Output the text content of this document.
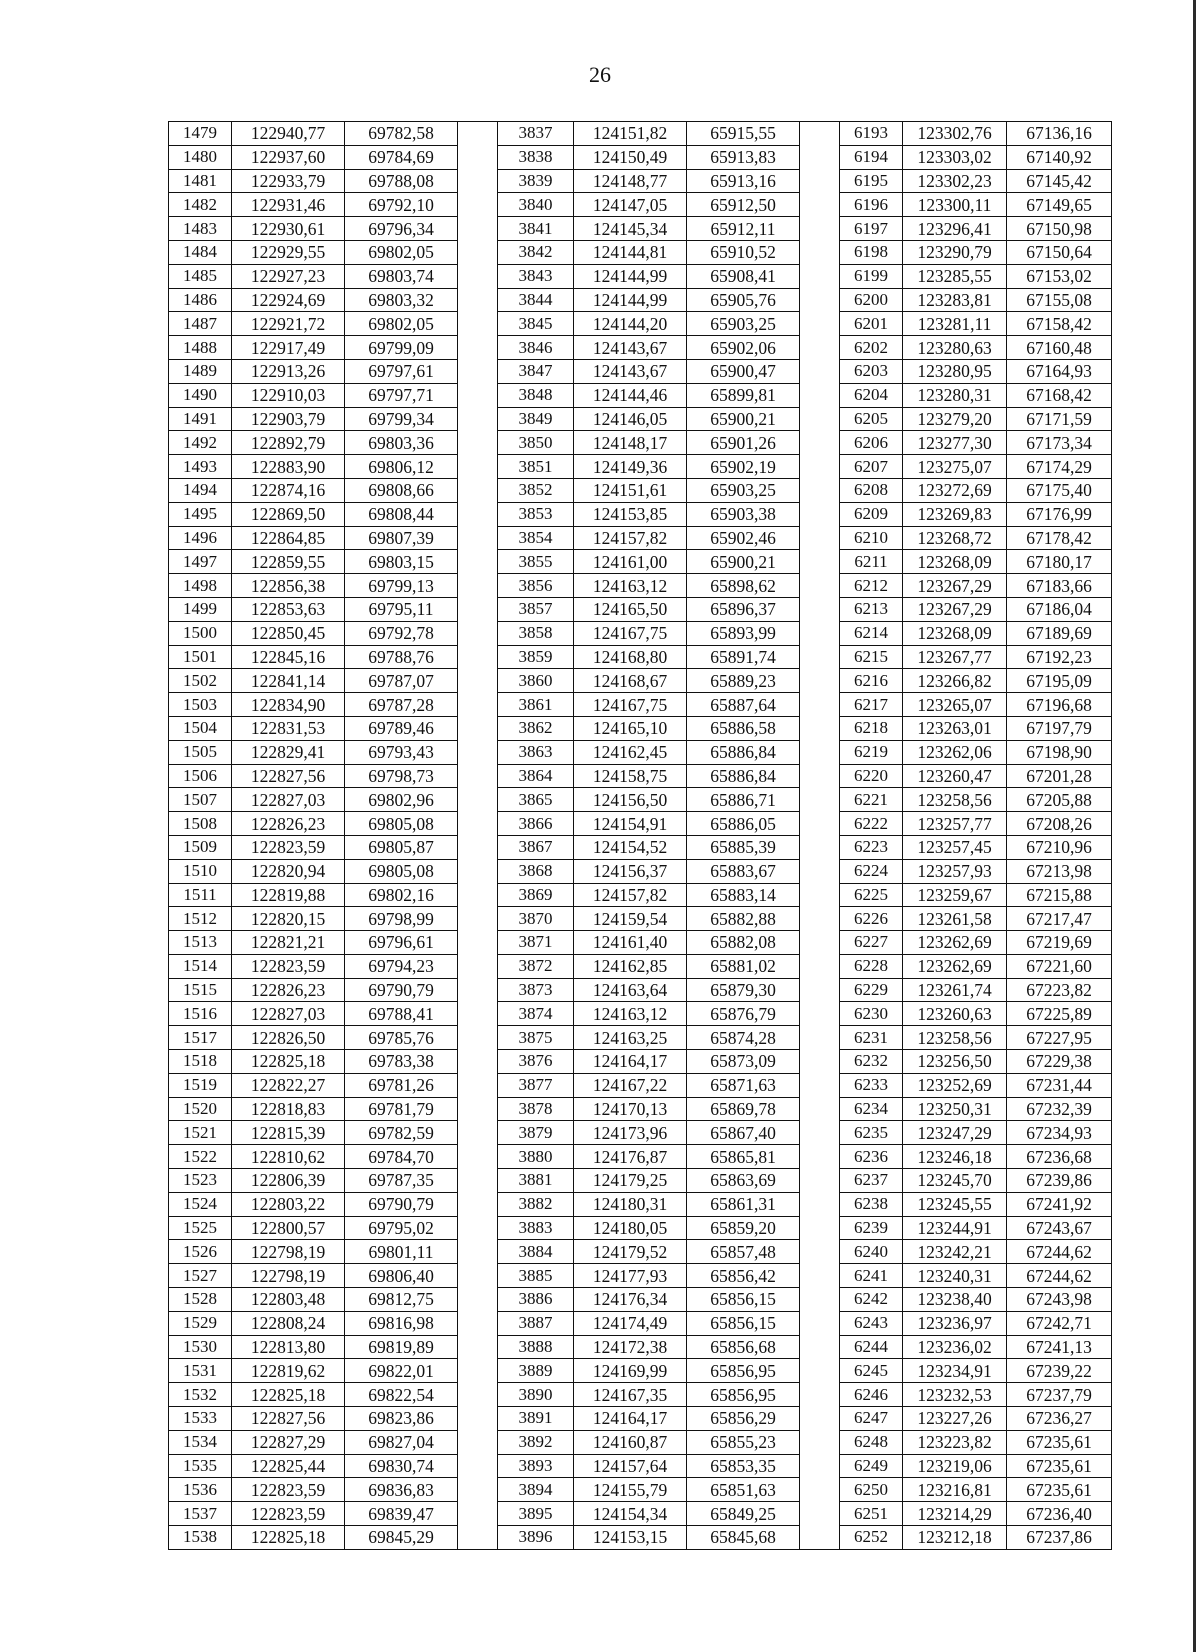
26
1479	122940,77	69782,58		3837	124151,82	65915,55		6193	123302,76	67136,16
1480	122937,60	69784,69		3838	124150,49	65913,83		6194	123303,02	67140,92
1481	122933,79	69788,08		3839	124148,77	65913,16		6195	123302,23	67145,42
1482	122931,46	69792,10		3840	124147,05	65912,50		6196	123300,11	67149,65
1483	122930,61	69796,34		3841	124145,34	65912,11		6197	123296,41	67150,98
1484	122929,55	69802,05		3842	124144,81	65910,52		6198	123290,79	67150,64
1485	122927,23	69803,74		3843	124144,99	65908,41		6199	123285,55	67153,02
1486	122924,69	69803,32		3844	124144,99	65905,76		6200	123283,81	67155,08
1487	122921,72	69802,05		3845	124144,20	65903,25		6201	123281,11	67158,42
1488	122917,49	69799,09		3846	124143,67	65902,06		6202	123280,63	67160,48
1489	122913,26	69797,61		3847	124143,67	65900,47		6203	123280,95	67164,93
1490	122910,03	69797,71		3848	124144,46	65899,81		6204	123280,31	67168,42
1491	122903,79	69799,34		3849	124146,05	65900,21		6205	123279,20	67171,59
1492	122892,79	69803,36		3850	124148,17	65901,26		6206	123277,30	67173,34
1493	122883,90	69806,12		3851	124149,36	65902,19		6207	123275,07	67174,29
1494	122874,16	69808,66		3852	124151,61	65903,25		6208	123272,69	67175,40
1495	122869,50	69808,44		3853	124153,85	65903,38		6209	123269,83	67176,99
1496	122864,85	69807,39		3854	124157,82	65902,46		6210	123268,72	67178,42
1497	122859,55	69803,15		3855	124161,00	65900,21		6211	123268,09	67180,17
1498	122856,38	69799,13		3856	124163,12	65898,62		6212	123267,29	67183,66
1499	122853,63	69795,11		3857	124165,50	65896,37		6213	123267,29	67186,04
1500	122850,45	69792,78		3858	124167,75	65893,99		6214	123268,09	67189,69
1501	122845,16	69788,76		3859	124168,80	65891,74		6215	123267,77	67192,23
1502	122841,14	69787,07		3860	124168,67	65889,23		6216	123266,82	67195,09
1503	122834,90	69787,28		3861	124167,75	65887,64		6217	123265,07	67196,68
1504	122831,53	69789,46		3862	124165,10	65886,58		6218	123263,01	67197,79
1505	122829,41	69793,43		3863	124162,45	65886,84		6219	123262,06	67198,90
1506	122827,56	69798,73		3864	124158,75	65886,84		6220	123260,47	67201,28
1507	122827,03	69802,96		3865	124156,50	65886,71		6221	123258,56	67205,88
1508	122826,23	69805,08		3866	124154,91	65886,05		6222	123257,77	67208,26
1509	122823,59	69805,87		3867	124154,52	65885,39		6223	123257,45	67210,96
1510	122820,94	69805,08		3868	124156,37	65883,67		6224	123257,93	67213,98
1511	122819,88	69802,16		3869	124157,82	65883,14		6225	123259,67	67215,88
1512	122820,15	69798,99		3870	124159,54	65882,88		6226	123261,58	67217,47
1513	122821,21	69796,61		3871	124161,40	65882,08		6227	123262,69	67219,69
1514	122823,59	69794,23		3872	124162,85	65881,02		6228	123262,69	67221,60
1515	122826,23	69790,79		3873	124163,64	65879,30		6229	123261,74	67223,82
1516	122827,03	69788,41		3874	124163,12	65876,79		6230	123260,63	67225,89
1517	122826,50	69785,76		3875	124163,25	65874,28		6231	123258,56	67227,95
1518	122825,18	69783,38		3876	124164,17	65873,09		6232	123256,50	67229,38
1519	122822,27	69781,26		3877	124167,22	65871,63		6233	123252,69	67231,44
1520	122818,83	69781,79		3878	124170,13	65869,78		6234	123250,31	67232,39
1521	122815,39	69782,59		3879	124173,96	65867,40		6235	123247,29	67234,93
1522	122810,62	69784,70		3880	124176,87	65865,81		6236	123246,18	67236,68
1523	122806,39	69787,35		3881	124179,25	65863,69		6237	123245,70	67239,86
1524	122803,22	69790,79		3882	124180,31	65861,31		6238	123245,55	67241,92
1525	122800,57	69795,02		3883	124180,05	65859,20		6239	123244,91	67243,67
1526	122798,19	69801,11		3884	124179,52	65857,48		6240	123242,21	67244,62
1527	122798,19	69806,40		3885	124177,93	65856,42		6241	123240,31	67244,62
1528	122803,48	69812,75		3886	124176,34	65856,15		6242	123238,40	67243,98
1529	122808,24	69816,98		3887	124174,49	65856,15		6243	123236,97	67242,71
1530	122813,80	69819,89		3888	124172,38	65856,68		6244	123236,02	67241,13
1531	122819,62	69822,01		3889	124169,99	65856,95		6245	123234,91	67239,22
1532	122825,18	69822,54		3890	124167,35	65856,95		6246	123232,53	67237,79
1533	122827,56	69823,86		3891	124164,17	65856,29		6247	123227,26	67236,27
1534	122827,29	69827,04		3892	124160,87	65855,23		6248	123223,82	67235,61
1535	122825,44	69830,74		3893	124157,64	65853,35		6249	123219,06	67235,61
1536	122823,59	69836,83		3894	124155,79	65851,63		6250	123216,81	67235,61
1537	122823,59	69839,47		3895	124154,34	65849,25		6251	123214,29	67236,40
1538	122825,18	69845,29		3896	124153,15	65845,68		6252	123212,18	67237,86
